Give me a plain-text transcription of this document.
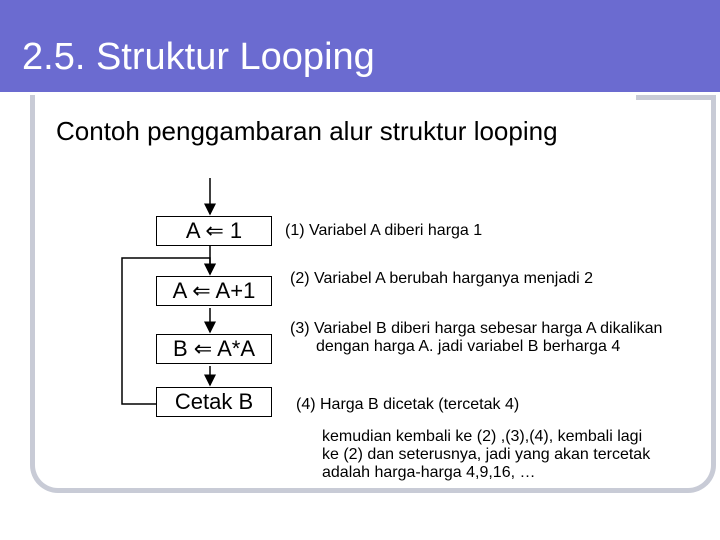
2.5. Struktur Looping
Contoh penggambaran alur struktur looping
A ⇐ 1
A ⇐ A+1
B ⇐ A*A
Cetak B
(1) Variabel A diberi harga 1
(2) Variabel A berubah harganya menjadi 2
(3) Variabel B diberi harga sebesar harga A dikalikan dengan harga A. jadi variabel B berharga 4
(4) Harga B dicetak (tercetak 4)
kemudian kembali ke (2) ,(3),(4), kembali lagi ke (2) dan seterusnya, jadi yang akan tercetak adalah harga-harga 4,9,16, …
